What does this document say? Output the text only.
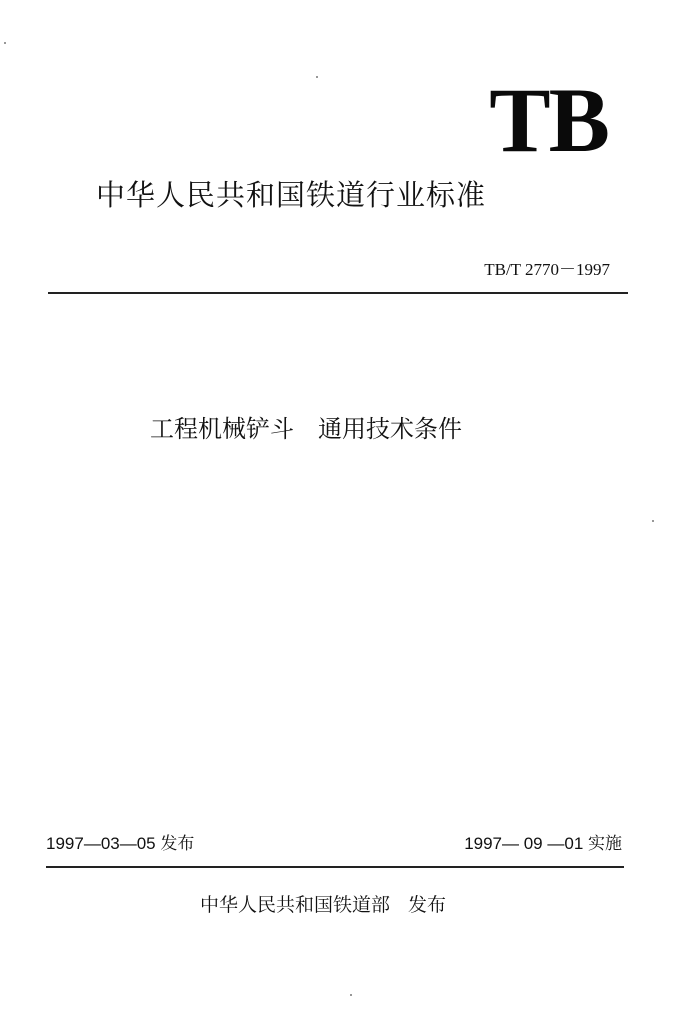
TB
中华人民共和国铁道行业标准
TB/T 2770－1997
工程机械铲斗　通用技术条件
1997—03—05 发布	1997— 09 —01 实施
中华人民共和国铁道部 发布
